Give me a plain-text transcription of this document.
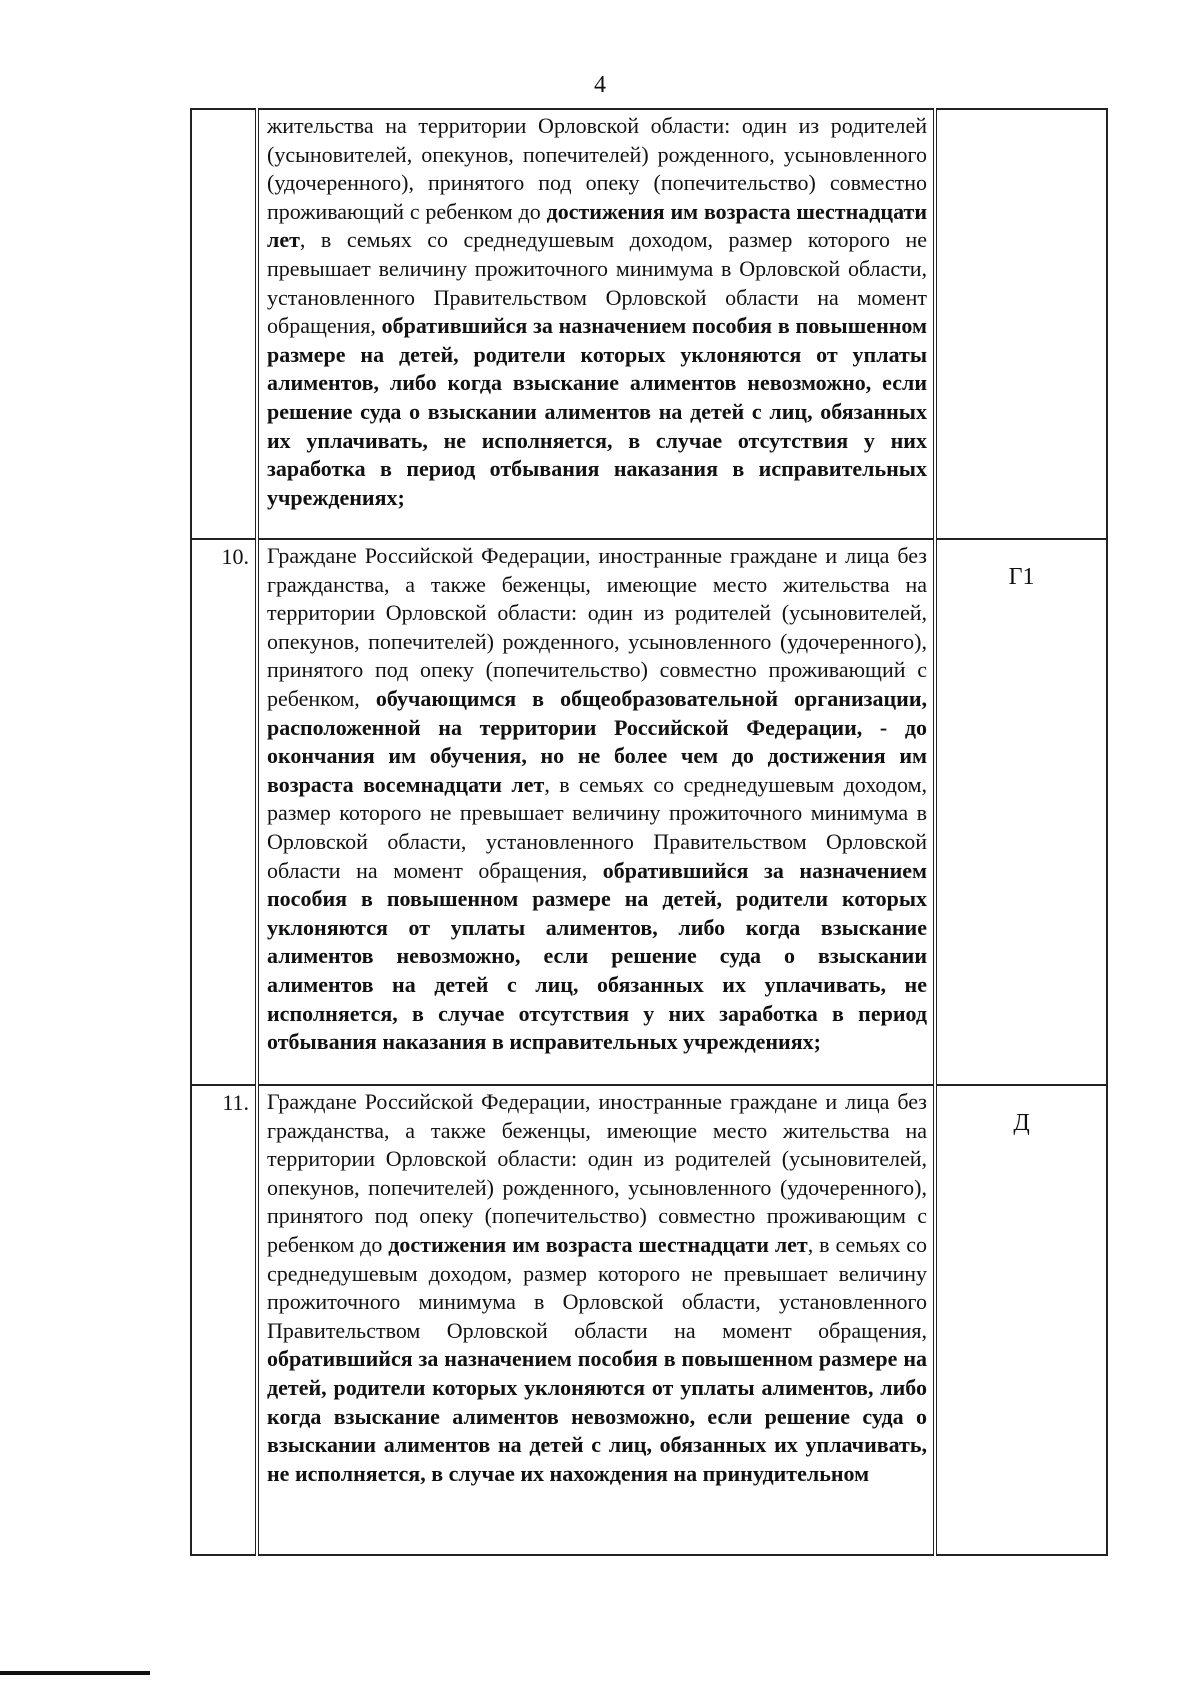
4
	жительства на территории Орловской области: один из родителей (усыновителей, опекунов, попечителей) рожденного, усыновленного (удочеренного), принятого под опеку (попечительство) совместно проживающий с ребенком до достижения им возраста шестнадцати лет, в семьях со среднедушевым доходом, размер которого не превышает величину прожиточного минимума в Орловской области, установленного Правительством Орловской области на момент обращения, обратившийся за назначением пособия в повышенном размере на детей, родители которых уклоняются от уплаты алиментов, либо когда взыскание алиментов невозможно, если решение суда о взыскании алиментов на детей с лиц, обязанных их уплачивать, не исполняется, в случае отсутствия у них заработка в период отбывания наказания в исправительных учреждениях;	
10.	Граждане Российской Федерации, иностранные граждане и лица без гражданства, а также беженцы, имеющие место жительства на территории Орловской области: один из родителей (усыновителей, опекунов, попечителей) рожденного, усыновленного (удочеренного), принятого под опеку (попечительство) совместно проживающий с ребенком, обучающимся в общеобразовательной организации, расположенной на территории Российской Федерации, - до окончания им обучения, но не более чем до достижения им возраста восемнадцати лет, в семьях со среднедушевым доходом, размер которого не превышает величину прожиточного минимума в Орловской области, установленного Правительством Орловской области на момент обращения, обратившийся за назначением пособия в повышенном размере на детей, родители которых уклоняются от уплаты алиментов, либо когда взыскание алиментов невозможно, если решение суда о взыскании алиментов на детей с лиц, обязанных их уплачивать, не исполняется, в случае отсутствия у них заработка в период отбывания наказания в исправительных учреждениях;	Г1
11.	Граждане Российской Федерации, иностранные граждане и лица без гражданства, а также беженцы, имеющие место жительства на территории Орловской области: один из родителей (усыновителей, опекунов, попечителей) рожденного, усыновленного (удочеренного), принятого под опеку (попечительство) совместно проживающим с ребенком до достижения им возраста шестнадцати лет, в семьях со среднедушевым доходом, размер которого не превышает величину прожиточного минимума в Орловской области, установленного Правительством Орловской области на момент обращения, обратившийся за назначением пособия в повышенном размере на детей, родители которых уклоняются от уплаты алиментов, либо когда взыскание алиментов невозможно, если решение суда о взыскании алиментов на детей с лиц, обязанных их уплачивать, не исполняется, в случае их нахождения на принудительном	Д
